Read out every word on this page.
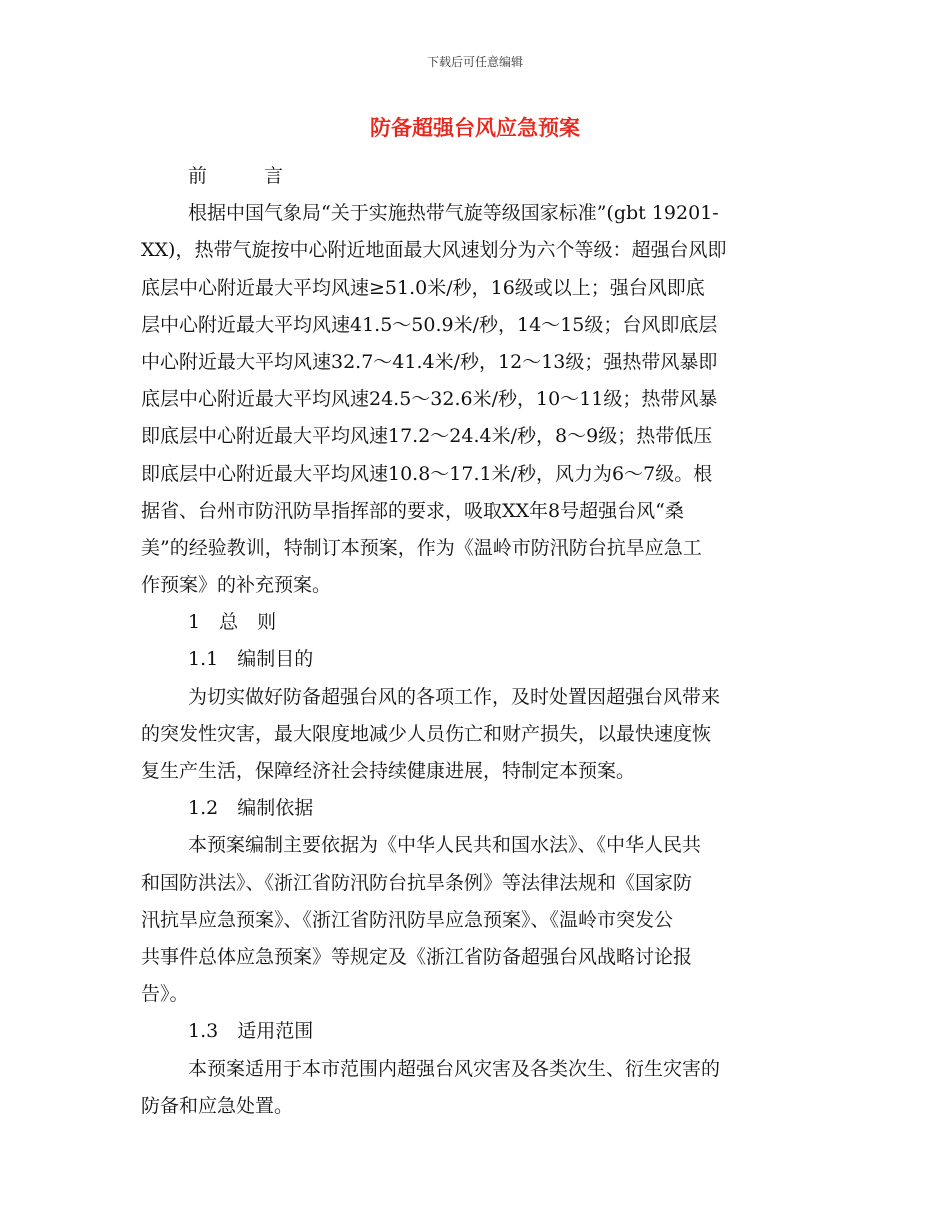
下载后可任意编辑
防备超强台风应急预案
前　　　言
根据中国气象局“关于实施热带气旋等级国家标准”(gbt 19201-
XX)，热带气旋按中心附近地面最大风速划分为六个等级：超强台风即
底层中心附近最大平均风速≥51.0米/秒，16级或以上；强台风即底
层中心附近最大平均风速41.5～50.9米/秒，14～15级；台风即底层
中心附近最大平均风速32.7～41.4米/秒，12～13级；强热带风暴即
底层中心附近最大平均风速24.5～32.6米/秒，10～11级；热带风暴
即底层中心附近最大平均风速17.2～24.4米/秒，8～9级；热带低压
即底层中心附近最大平均风速10.8～17.1米/秒，风力为6～7级。根
据省、台州市防汛防旱指挥部的要求，吸取XX年8号超强台风“桑
美”的经验教训，特制订本预案，作为《温岭市防汛防台抗旱应急工
作预案》的补充预案。
1　总　则
1.1　编制目的
为切实做好防备超强台风的各项工作，及时处置因超强台风带来
的突发性灾害，最大限度地减少人员伤亡和财产损失，以最快速度恢
复生产生活，保障经济社会持续健康进展，特制定本预案。
1.2　编制依据
本预案编制主要依据为《中华人民共和国水法》、《中华人民共
和国防洪法》、《浙江省防汛防台抗旱条例》等法律法规和《国家防
汛抗旱应急预案》、《浙江省防汛防旱应急预案》、《温岭市突发公
共事件总体应急预案》等规定及《浙江省防备超强台风战略讨论报
告》。
1.3　适用范围
本预案适用于本市范围内超强台风灾害及各类次生、衍生灾害的
防备和应急处置。
